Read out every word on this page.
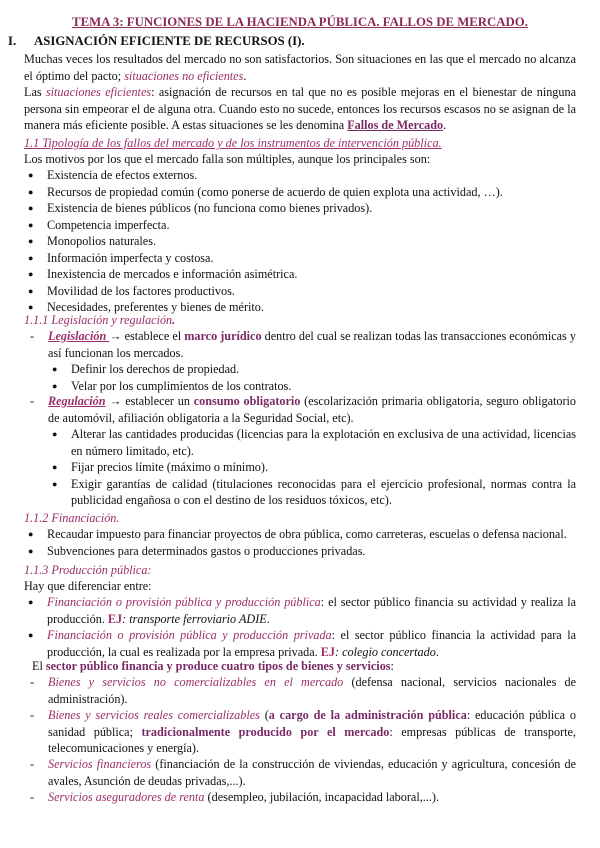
TEMA 3: FUNCIONES DE LA HACIENDA PÚBLICA. FALLOS DE MERCADO.
I. ASIGNACIÓN EFICIENTE DE RECURSOS (I).
Muchas veces los resultados del mercado no son satisfactorios. Son situaciones en las que el mercado no alcanza el óptimo del pacto; situaciones no eficientes.
Las situaciones eficientes: asignación de recursos en tal que no es posible mejoras en el bienestar de ninguna persona sin empeorar el de alguna otra. Cuando esto no sucede, entonces los recursos escasos no se asignan de la manera más eficiente posible. A estas situaciones se les denomina Fallos de Mercado.
1.1 Tipología de los fallos del mercado y de los instrumentos de intervención pública.
Los motivos por los que el mercado falla son múltiples, aunque los principales son:
● Existencia de efectos externos.
● Recursos de propiedad común (como ponerse de acuerdo de quien explota una actividad, …).
● Existencia de bienes públicos (no funciona como bienes privados).
● Competencia imperfecta.
● Monopolios naturales.
● Información imperfecta y costosa.
● Inexistencia de mercados e información asimétrica.
● Movilidad de los factores productivos.
● Necesidades, preferentes y bienes de mérito.
1.1.1 Legislación y regulación.
- Legislación → establece el marco jurídico dentro del cual se realizan todas las transacciones económicas y así funcionan los mercados.
● Definir los derechos de propiedad.
● Velar por los cumplimientos de los contratos.
- Regulación → establecer un consumo obligatorio (escolarización primaria obligatoria, seguro obligatorio de automóvil, afiliación obligatoria a la Seguridad Social, etc).
● Alterar las cantidades producidas (licencias para la explotación en exclusiva de una actividad, licencias en número limitado, etc).
● Fijar precios límite (máximo o mínimo).
● Exigir garantías de calidad (titulaciones reconocidas para el ejercicio profesional, normas contra la publicidad engañosa o con el destino de los residuos tóxicos, etc).
1.1.2 Financiación.
● Recaudar impuesto para financiar proyectos de obra pública, como carreteras, escuelas o defensa nacional.
● Subvenciones para determinados gastos o producciones privadas.
1.1.3 Producción pública:
Hay que diferenciar entre:
● Financiación o provisión pública y producción pública: el sector público financia su actividad y realiza la producción. EJ: transporte ferroviario ADIE.
● Financiación o provisión pública y producción privada: el sector público financia la actividad para la producción, la cual es realizada por la empresa privada. EJ: colegio concertado.
El sector público financia y produce cuatro tipos de bienes y servicios:
- Bienes y servicios no comercializables en el mercado (defensa nacional, servicios nacionales de administración).
- Bienes y servicios reales comercializables (a cargo de la administración pública: educación pública o sanidad pública; tradicionalmente producido por el mercado: empresas públicas de transporte, telecomunicaciones y energía).
- Servicios financieros (financiación de la construcción de viviendas, educación y agricultura, concesión de avales, Asunción de deudas privadas,...).
- Servicios aseguradores de renta (desempleo, jubilación, incapacidad laboral,...).
